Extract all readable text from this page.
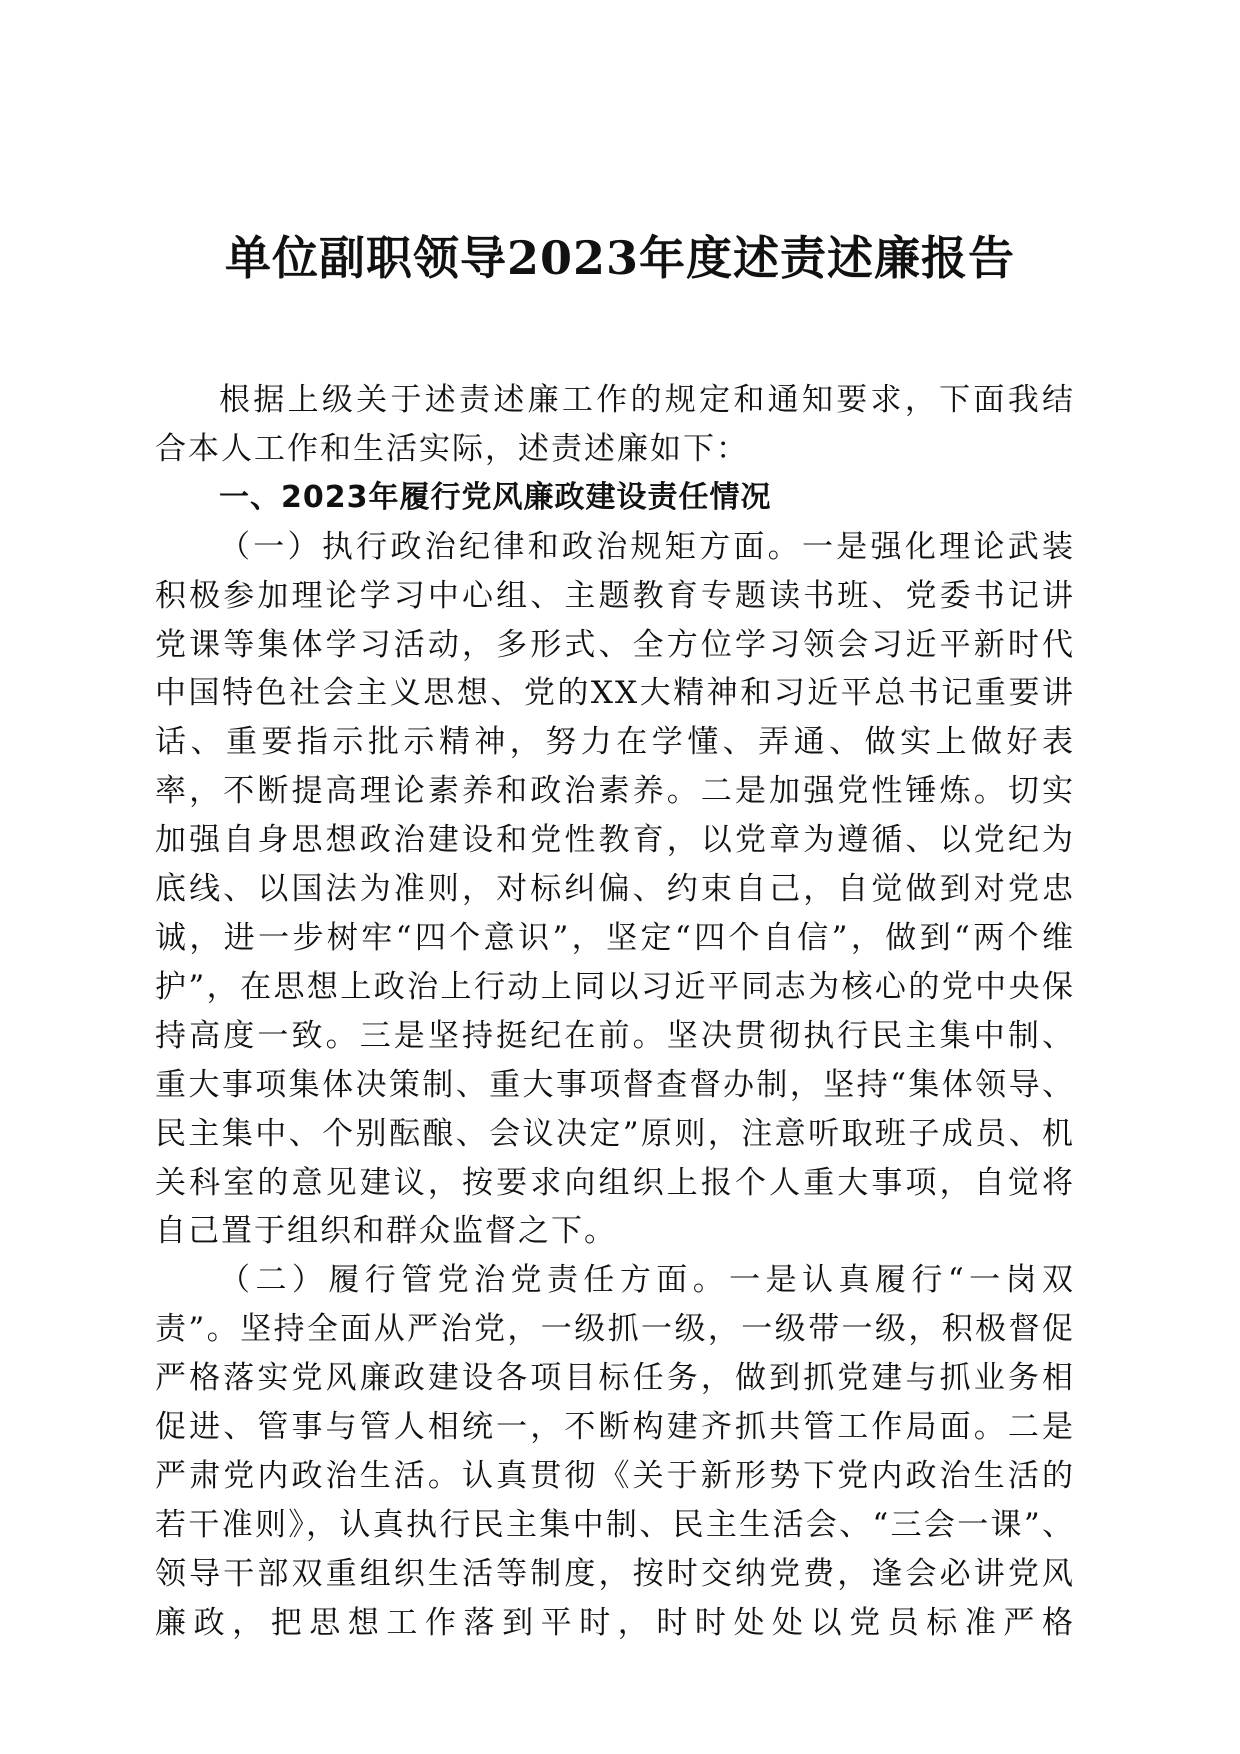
单位副职领导2023年度述责述廉报告

根据上级关于述责述廉工作的规定和通知要求，下面我结合本人工作和生活实际，述责述廉如下：

一、2023年履行党风廉政建设责任情况

（一）执行政治纪律和政治规矩方面。一是强化理论武装积极参加理论学习中心组、主题教育专题读书班、党委书记讲党课等集体学习活动，多形式、全方位学习领会习近平新时代中国特色社会主义思想、党的XX大精神和习近平总书记重要讲话、重要指示批示精神，努力在学懂、弄通、做实上做好表率，不断提高理论素养和政治素养。二是加强党性锤炼。切实加强自身思想政治建设和党性教育，以党章为遵循、以党纪为底线、以国法为准则，对标纠偏、约束自己，自觉做到对党忠诚，进一步树牢“四个意识”，坚定“四个自信”，做到“两个维护”，在思想上政治上行动上同以习近平同志为核心的党中央保持高度一致。三是坚持挺纪在前。坚决贯彻执行民主集中制、重大事项集体决策制、重大事项督查督办制，坚持“集体领导、民主集中、个别酝酿、会议决定”原则，注意听取班子成员、机关科室的意见建议，按要求向组织上报个人重大事项，自觉将自己置于组织和群众监督之下。

（二）履行管党治党责任方面。一是认真履行“一岗双责”。坚持全面从严治党，一级抓一级，一级带一级，积极督促严格落实党风廉政建设各项目标任务，做到抓党建与抓业务相促进、管事与管人相统一，不断构建齐抓共管工作局面。二是严肃党内政治生活。认真贯彻《关于新形势下党内政治生活的若干准则》，认真执行民主集中制、民主生活会、“三会一课”、领导干部双重组织生活等制度，按时交纳党费，逢会必讲党风廉政，把思想工作落到平时，时时处处以党员标准严格
